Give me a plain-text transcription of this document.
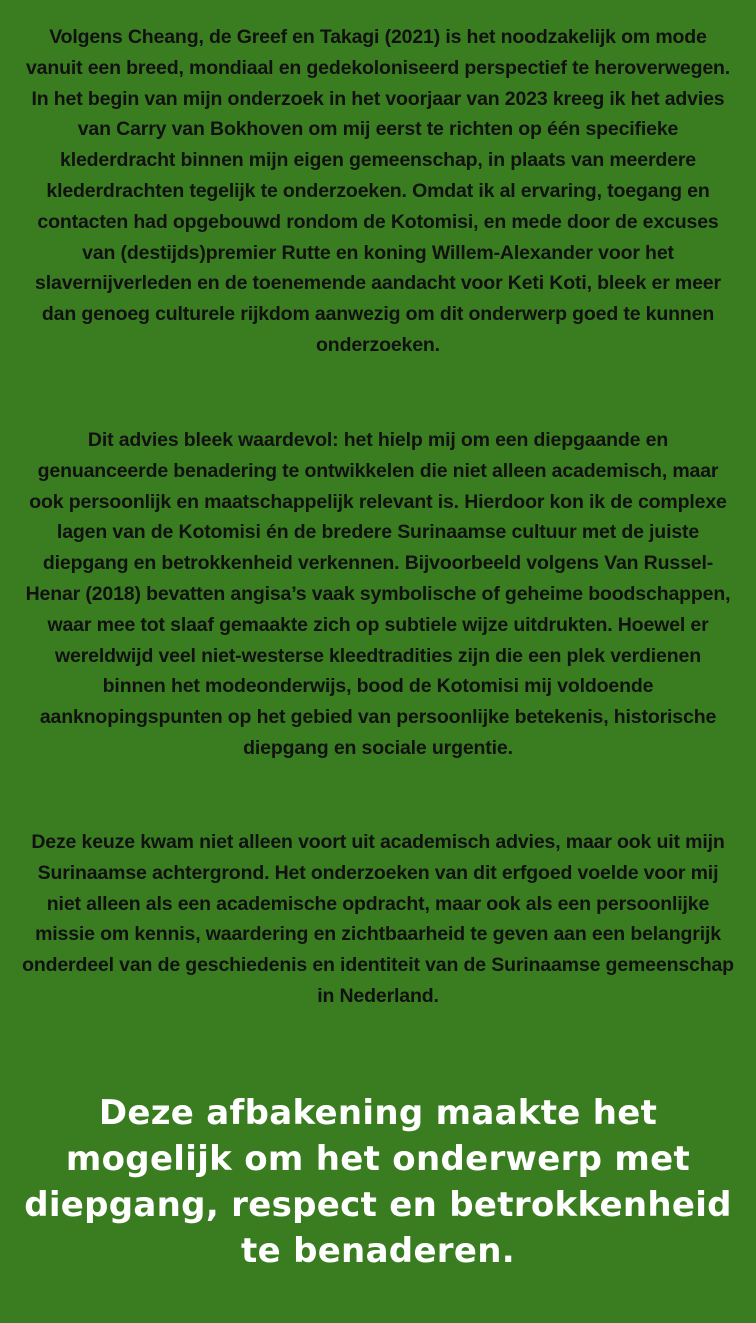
Volgens Cheang, de Greef en Takagi (2021) is het noodzakelijk om mode vanuit een breed, mondiaal en gedekoloniseerd perspectief te heroverwegen. In het begin van mijn onderzoek in het voorjaar van 2023 kreeg ik het advies van Carry van Bokhoven om mij eerst te richten op één specifieke klederdracht binnen mijn eigen gemeenschap, in plaats van meerdere klederdrachten tegelijk te onderzoeken. Omdat ik al ervaring, toegang en contacten had opgebouwd rondom de Kotomisi, en mede door de excuses van (destijds)premier Rutte en koning Willem-Alexander voor het slavernijverleden en de toenemende aandacht voor Keti Koti, bleek er meer dan genoeg culturele rijkdom aanwezig om dit onderwerp goed te kunnen onderzoeken.

Dit advies bleek waardevol: het hielp mij om een diepgaande en genuanceerde benadering te ontwikkelen die niet alleen academisch, maar ook persoonlijk en maatschappelijk relevant is. Hierdoor kon ik de complexe lagen van de Kotomisi én de bredere Surinaamse cultuur met de juiste diepgang en betrokkenheid verkennen. Bijvoorbeeld volgens Van Russel-Henar (2018) bevatten angisa’s vaak symbolische of geheime boodschappen, waar mee tot slaaf gemaakte zich op subtiele wijze uitdrukten. Hoewel er wereldwijd veel niet-westerse kleedtradities zijn die een plek verdienen binnen het modeonderwijs, bood de Kotomisi mij voldoende aanknopingspunten op het gebied van persoonlijke betekenis, historische diepgang en sociale urgentie.

Deze keuze kwam niet alleen voort uit academisch advies, maar ook uit mijn Surinaamse achtergrond. Het onderzoeken van dit erfgoed voelde voor mij niet alleen als een academische opdracht, maar ook als een persoonlijke missie om kennis, waardering en zichtbaarheid te geven aan een belangrijk onderdeel van de geschiedenis en identiteit van de Surinaamse gemeenschap in Nederland.

Deze afbakening maakte het mogelijk om het onderwerp met diepgang, respect en betrokkenheid te benaderen.
